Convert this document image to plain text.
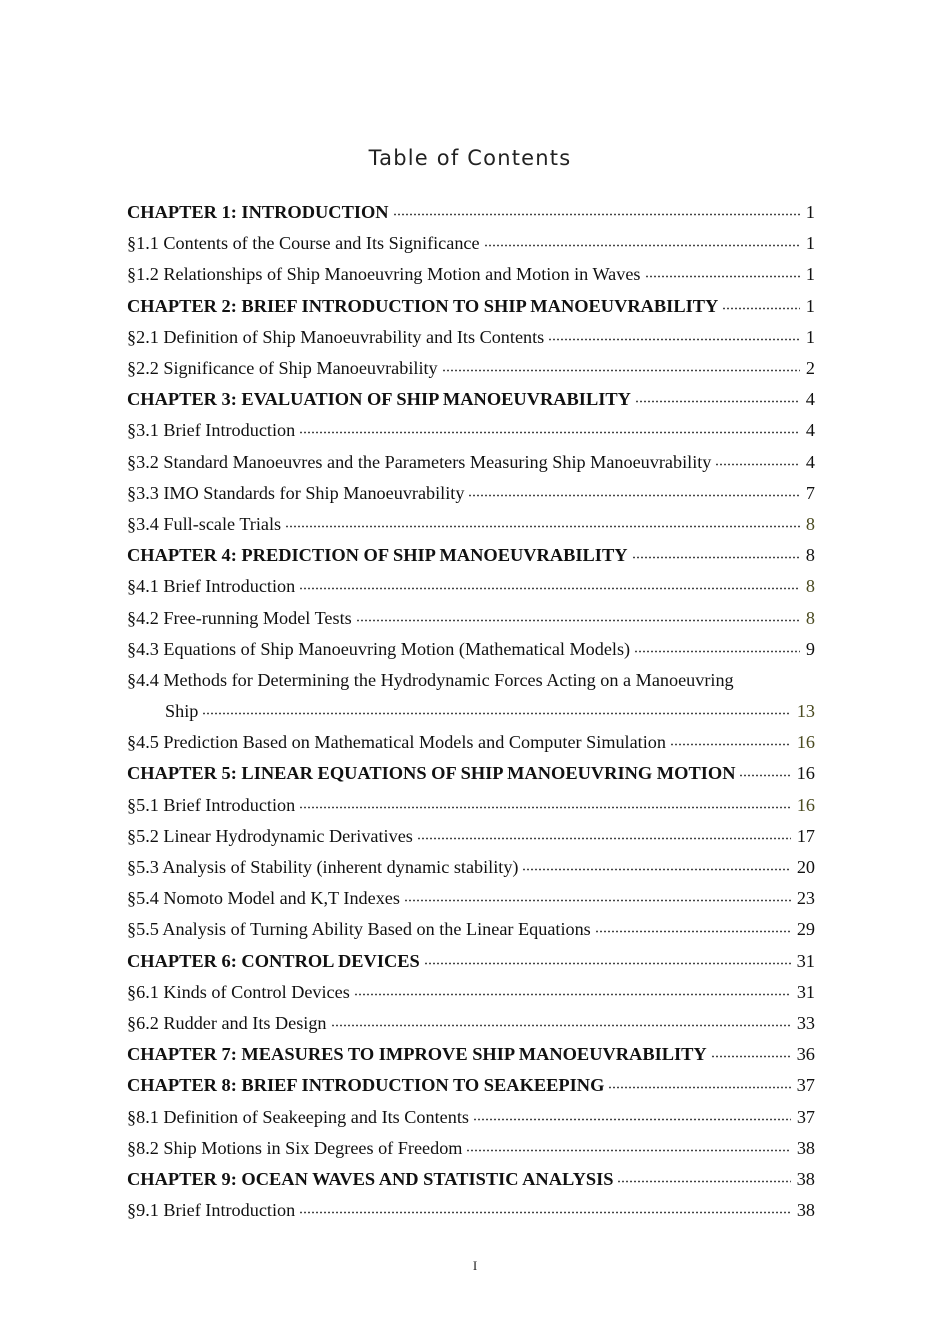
Table of Contents
CHAPTER 1: INTRODUCTION	1
§1.1 Contents of the Course and Its Significance	1
§1.2 Relationships of Ship Manoeuvring Motion and Motion in Waves	1
CHAPTER 2: BRIEF INTRODUCTION TO SHIP MANOEUVRABILITY	1
§2.1 Definition of Ship Manoeuvrability and Its Contents	1
§2.2 Significance of Ship Manoeuvrability	2
CHAPTER 3: EVALUATION OF SHIP MANOEUVRABILITY	4
§3.1 Brief Introduction	4
§3.2 Standard Manoeuvres and the Parameters Measuring Ship Manoeuvrability	4
§3.3 IMO Standards for Ship Manoeuvrability	7
§3.4 Full-scale Trials	8
CHAPTER 4: PREDICTION OF SHIP MANOEUVRABILITY	8
§4.1 Brief Introduction	8
§4.2 Free-running Model Tests	8
§4.3 Equations of Ship Manoeuvring Motion (Mathematical Models)	9
§4.4 Methods for Determining the Hydrodynamic Forces Acting on a Manoeuvring
Ship	13
§4.5 Prediction Based on Mathematical Models and Computer Simulation	16
CHAPTER 5: LINEAR EQUATIONS OF SHIP MANOEUVRING MOTION	16
§5.1 Brief Introduction	16
§5.2 Linear Hydrodynamic Derivatives	17
§5.3 Analysis of Stability (inherent dynamic stability)	20
§5.4 Nomoto Model and K,T Indexes	23
§5.5 Analysis of Turning Ability Based on the Linear Equations	29
CHAPTER 6: CONTROL DEVICES	31
§6.1 Kinds of Control Devices	31
§6.2 Rudder and Its Design	33
CHAPTER 7: MEASURES TO IMPROVE SHIP MANOEUVRABILITY	36
CHAPTER 8: BRIEF INTRODUCTION TO SEAKEEPING	37
§8.1 Definition of Seakeeping and Its Contents	37
§8.2 Ship Motions in Six Degrees of Freedom	38
CHAPTER 9: OCEAN WAVES AND STATISTIC ANALYSIS	38
§9.1 Brief Introduction	38
I
